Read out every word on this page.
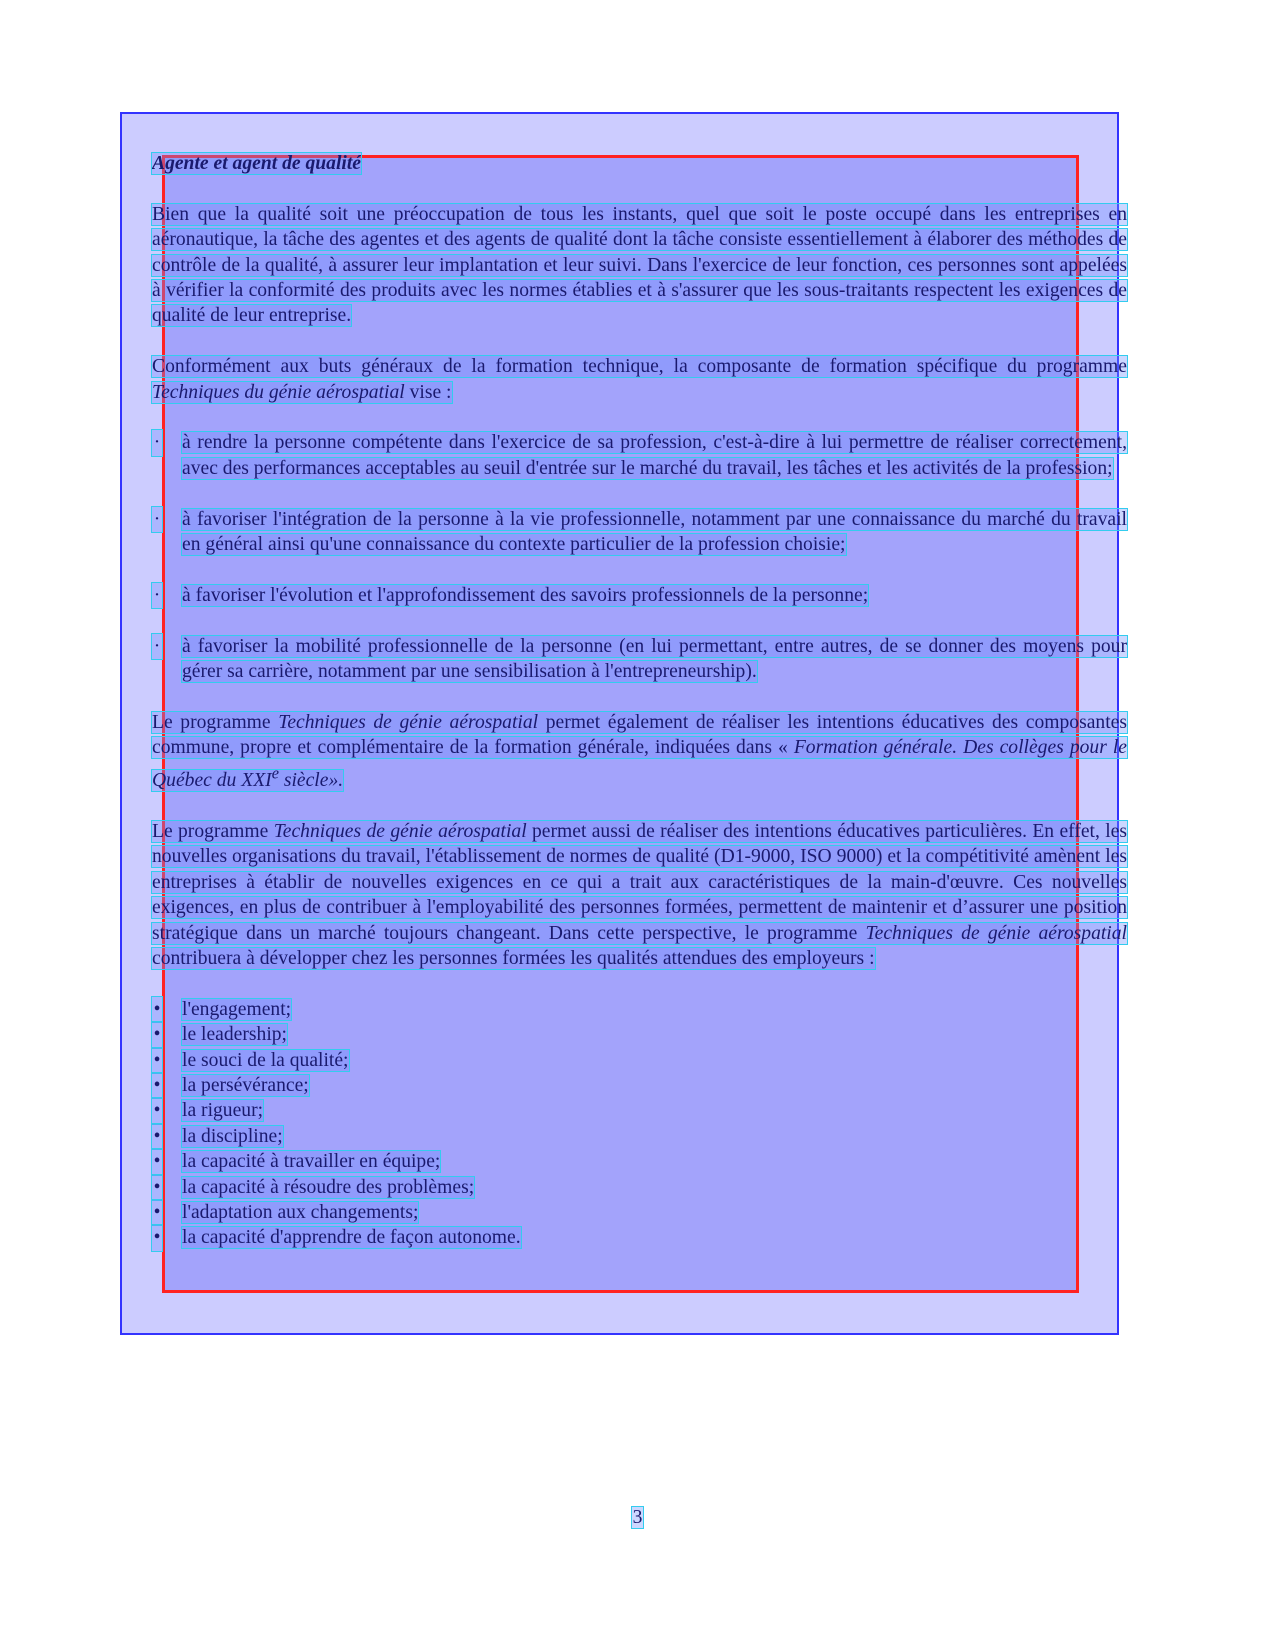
Agente et agent de qualité
Bien que la qualité soit une préoccupation de tous les instants, quel que soit le poste occupé dans les entreprises en aéronautique, la tâche des agentes et des agents de qualité dont la tâche consiste essentiellement à élaborer des méthodes de contrôle de la qualité, à assurer leur implantation et leur suivi. Dans l'exercice de leur fonction, ces personnes sont appelées à vérifier la conformité des produits avec les normes établies et à s'assurer que les sous-traitants respectent les exigences de qualité de leur entreprise.
Conformément aux buts généraux de la formation technique, la composante de formation spécifique du programme Techniques du génie aérospatial vise :
· à rendre la personne compétente dans l'exercice de sa profession, c'est-à-dire à lui permettre de réaliser correctement, avec des performances acceptables au seuil d'entrée sur le marché du travail, les tâches et les activités de la profession;
· à favoriser l'intégration de la personne à la vie professionnelle, notamment par une connaissance du marché du travail en général ainsi qu'une connaissance du contexte particulier de la profession choisie;
· à favoriser l'évolution et l'approfondissement des savoirs professionnels de la personne;
· à favoriser la mobilité professionnelle de la personne (en lui permettant, entre autres, de se donner des moyens pour gérer sa carrière, notamment par une sensibilisation à l'entrepreneurship).
Le programme Techniques de génie aérospatial permet également de réaliser les intentions éducatives des composantes commune, propre et complémentaire de la formation générale, indiquées dans « Formation générale. Des collèges pour le Québec du XXIe siècle».
Le programme Techniques de génie aérospatial permet aussi de réaliser des intentions éducatives particulières. En effet, les nouvelles organisations du travail, l'établissement de normes de qualité (D1-9000, ISO 9000) et la compétitivité amènent les entreprises à établir de nouvelles exigences en ce qui a trait aux caractéristiques de la main-d'œuvre. Ces nouvelles exigences, en plus de contribuer à l'employabilité des personnes formées, permettent de maintenir et d’assurer une position stratégique dans un marché toujours changeant. Dans cette perspective, le programme Techniques de génie aérospatial contribuera à développer chez les personnes formées les qualités attendues des employeurs :
• l'engagement;
• le leadership;
• le souci de la qualité;
• la persévérance;
• la rigueur;
• la discipline;
• la capacité à travailler en équipe;
• la capacité à résoudre des problèmes;
• l'adaptation aux changements;
• la capacité d'apprendre de façon autonome.
3
